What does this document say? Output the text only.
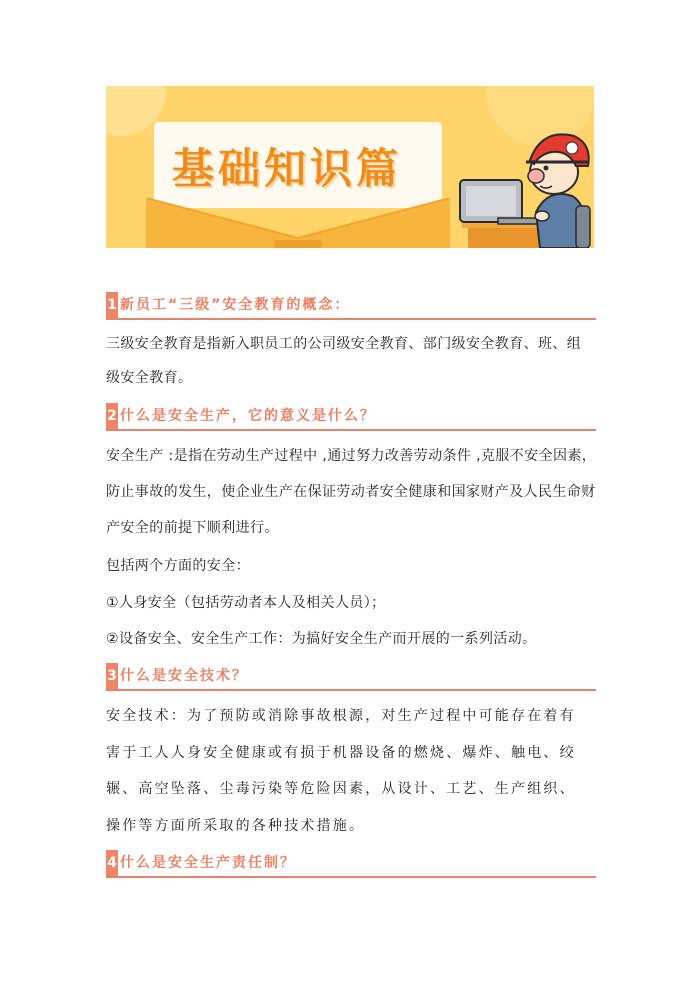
基础知识篇
1 新员工“三级”安全教育的概念：
三级安全教育是指新入职员工的公司级安全教育、部门级安全教育、班、组
级安全教育。
2 什么是安全生产，它的意义是什么？
安全生产 :是指在劳动生产过程中 ,通过努力改善劳动条件 ,克服不安全因素，
防止事故的发生，使企业生产在保证劳动者安全健康和国家财产及人民生命财
产安全的前提下顺利进行。
包括两个方面的安全：
①人身安全（包括劳动者本人及相关人员）；
②设备安全、安全生产工作：为搞好安全生产而开展的一系列活动。
3 什么是安全技术？
安全技术：为了预防或消除事故根源，对生产过程中可能存在着有
害于工人人身安全健康或有损于机器设备的燃烧、爆炸、触电、绞
辗、高空坠落、尘毒污染等危险因素，从设计、工艺、生产组织、
操作等方面所采取的各种技术措施。
4 什么是安全生产责任制？
